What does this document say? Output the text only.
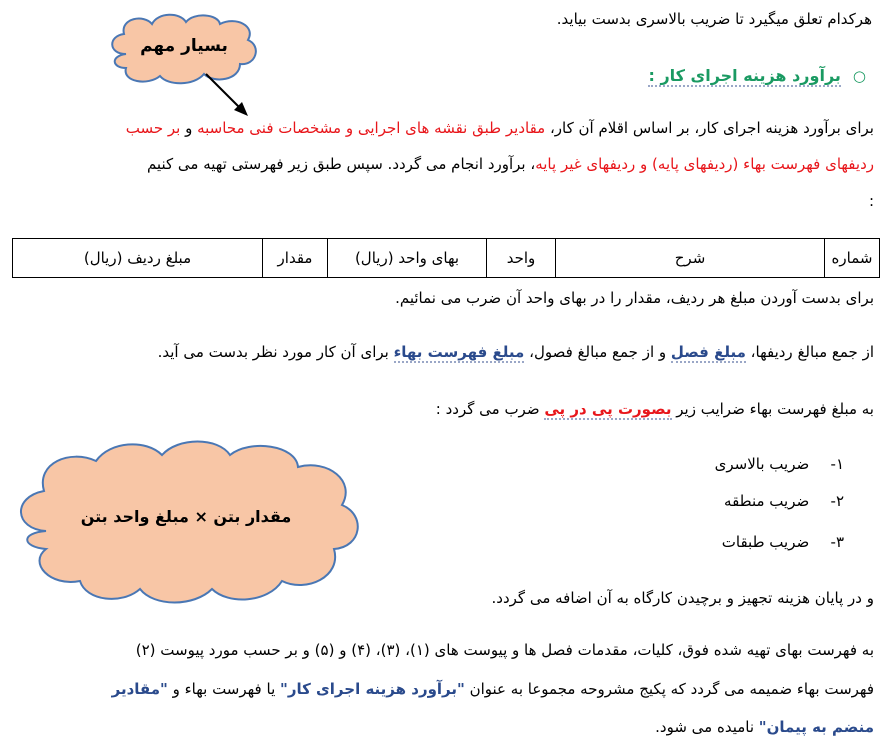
هرکدام تعلق میگیرد تا ضریب بالاسری بدست بیاید.
بسیار مهم
○برآورد هزینه اجرای کار :
برای برآورد هزینه اجرای کار، بر اساس اقلام آن کار، مقادیر طبق نقشه های اجرایی و مشخصات فنی محاسبه و بر حسب
ردیفهای فهرست بهاء (ردیفهای پایه) و ردیفهای غیر پایه، برآورد انجام می گردد. سپس طبق زیر فهرستی تهیه می کنیم
:
شماره	شرح	واحد	بهای واحد (ریال)	مقدار	مبلغ ردیف (ریال)
برای بدست آوردن مبلغ هر ردیف، مقدار را در بهای واحد آن ضرب می نمائیم.
از جمع مبالغ ردیفها، مبلغ فصل و از جمع مبالغ فصول، مبلغ فهرست بهاء برای آن کار مورد نظر بدست می آید.
به مبلغ فهرست بهاء ضرایب زیر بصورت پی در پی ضرب می گردد :
۱- ضریب بالاسری
۲- ضریب منطقه
۳- ضریب طبقات
مقدار بتن × مبلغ واحد بتن
و در پایان هزینه تجهیز و برچیدن کارگاه به آن اضافه می گردد.
به فهرست بهای تهیه شده فوق، کلیات، مقدمات فصل ها و پیوست های (۱)، (۳)، (۴) و (۵) و بر حسب مورد پیوست (۲)
فهرست بهاء ضمیمه می گردد که پکیج مشروحه مجموعا به عنوان "برآورد هزینه اجرای کار" یا فهرست بهاء و "مقادیر
منضم به پیمان" نامیده می شود.
